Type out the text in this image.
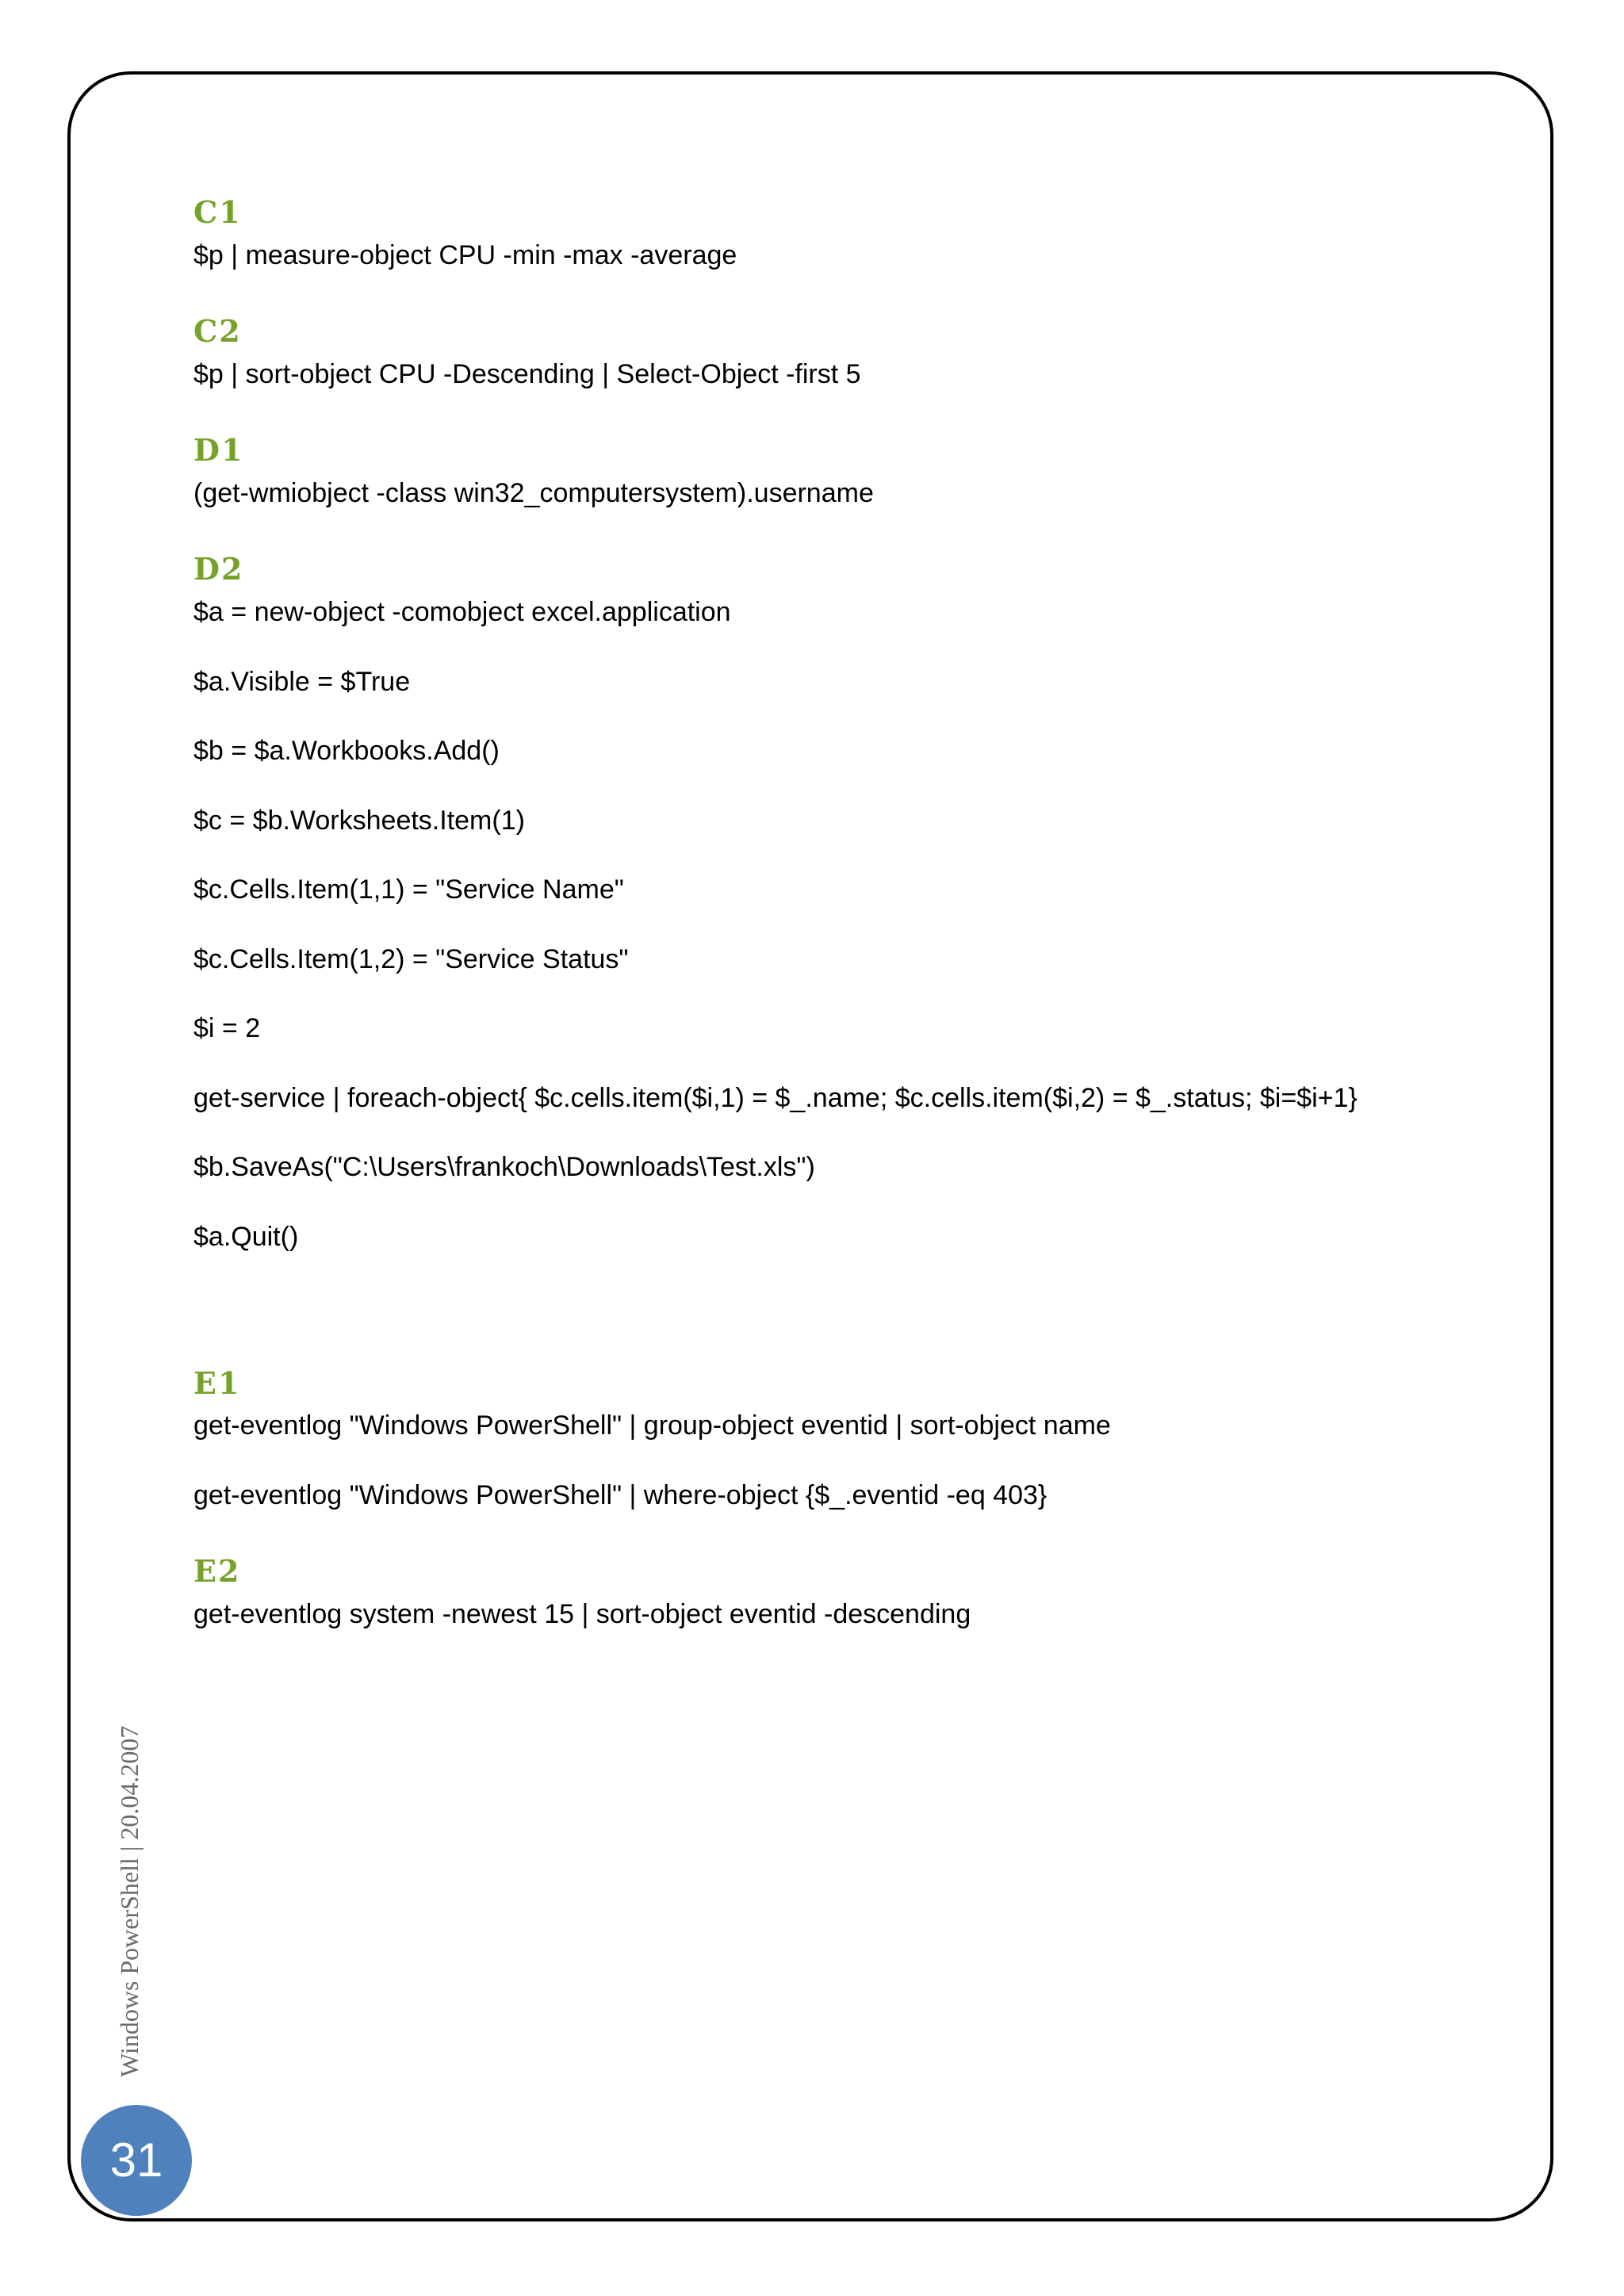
C1
$p | measure-object CPU -min -max -average
C2
$p | sort-object CPU -Descending | Select-Object -first 5
D1
(get-wmiobject -class win32_computersystem).username
D2
$a = new-object -comobject excel.application
$a.Visible = $True
$b = $a.Workbooks.Add()
$c = $b.Worksheets.Item(1)
$c.Cells.Item(1,1) = "Service Name"
$c.Cells.Item(1,2) = "Service Status"
$i = 2
get-service | foreach-object{ $c.cells.item($i,1) = $_.name; $c.cells.item($i,2) = $_.status; $i=$i+1}
$b.SaveAs("C:\Users\frankoch\Downloads\Test.xls")
$a.Quit()
E1
get-eventlog "Windows PowerShell" | group-object eventid | sort-object name
get-eventlog "Windows PowerShell" | where-object {$_.eventid -eq 403}
E2
get-eventlog system -newest 15 | sort-object eventid -descending
Windows PowerShell | 20.04.2007
31
